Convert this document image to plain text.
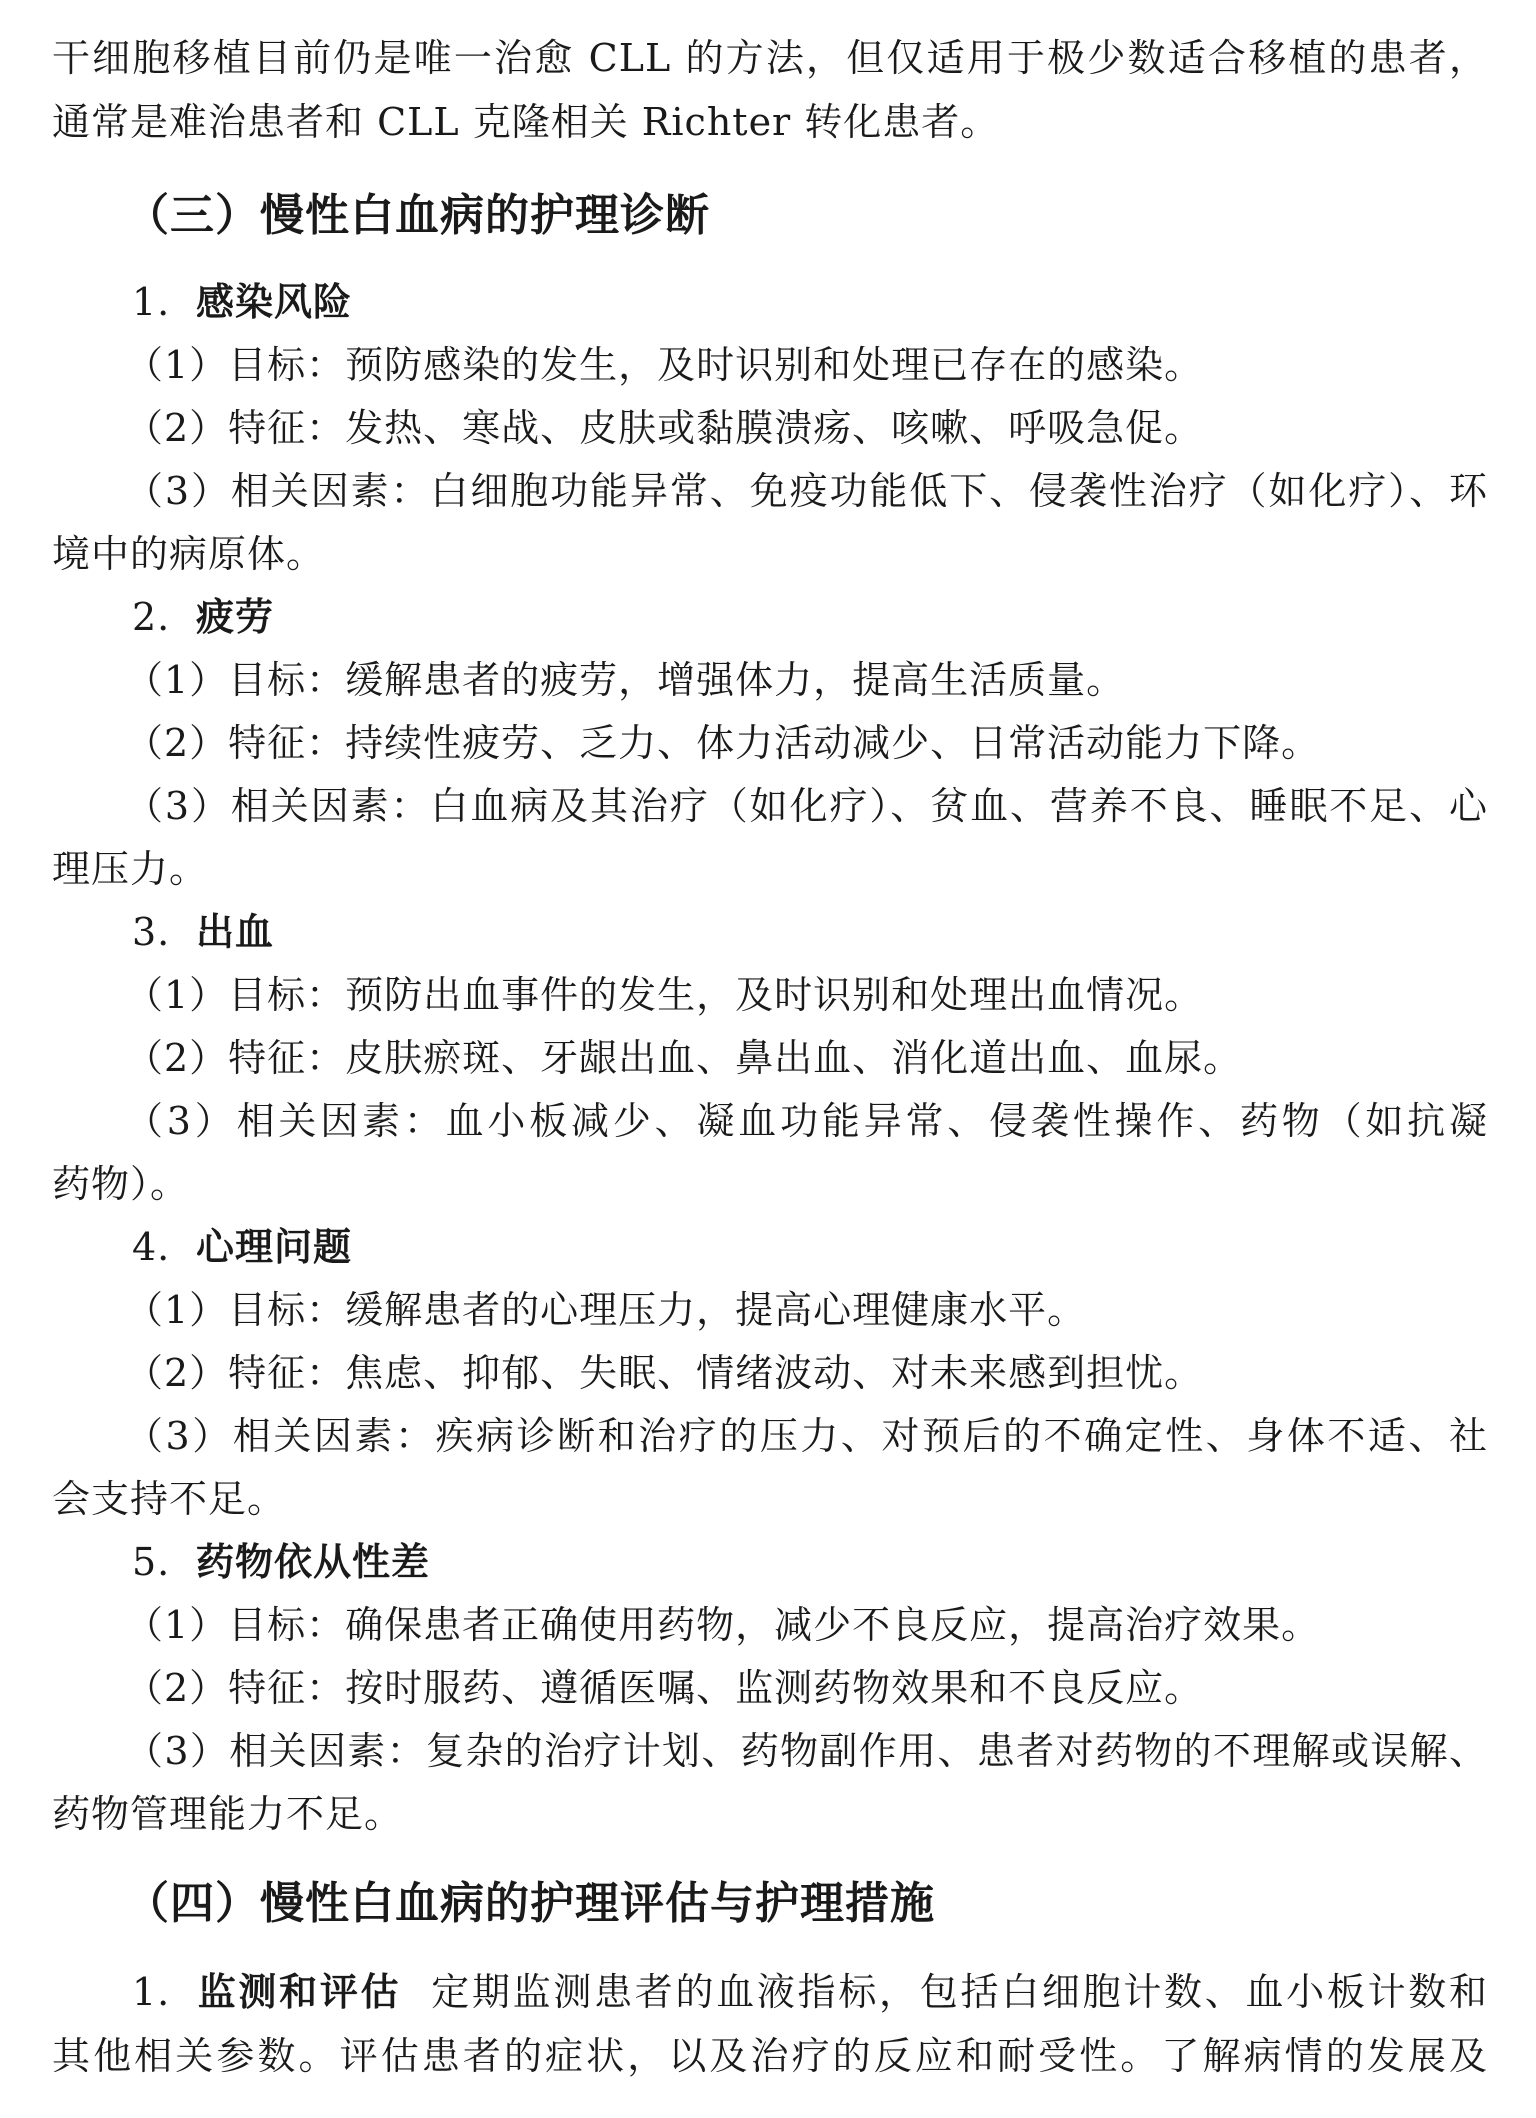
干细胞移植目前仍是唯一治愈 CLL 的方法，但仅适用于极少数适合移植的患者，

通常是难治患者和 CLL 克隆相关 Richter 转化患者。

（三）慢性白血病的护理诊断

1. 感染风险

（1）目标：预防感染的发生，及时识别和处理已存在的感染。

（2）特征：发热、寒战、皮肤或黏膜溃疡、咳嗽、呼吸急促。

（3）相关因素：白细胞功能异常、免疫功能低下、侵袭性治疗（如化疗）、环

境中的病原体。

2. 疲劳

（1）目标：缓解患者的疲劳，增强体力，提高生活质量。

（2）特征：持续性疲劳、乏力、体力活动减少、日常活动能力下降。

（3）相关因素：白血病及其治疗（如化疗）、贫血、营养不良、睡眠不足、心

理压力。

3. 出血

（1）目标：预防出血事件的发生，及时识别和处理出血情况。

（2）特征：皮肤瘀斑、牙龈出血、鼻出血、消化道出血、血尿。

（3）相关因素：血小板减少、凝血功能异常、侵袭性操作、药物（如抗凝

药物）。

4. 心理问题

（1）目标：缓解患者的心理压力，提高心理健康水平。

（2）特征：焦虑、抑郁、失眠、情绪波动、对未来感到担忧。

（3）相关因素：疾病诊断和治疗的压力、对预后的不确定性、身体不适、社

会支持不足。

5. 药物依从性差

（1）目标：确保患者正确使用药物，减少不良反应，提高治疗效果。

（2）特征：按时服药、遵循医嘱、监测药物效果和不良反应。

（3）相关因素：复杂的治疗计划、药物副作用、患者对药物的不理解或误解、

药物管理能力不足。

（四）慢性白血病的护理评估与护理措施

1. 监测和评估 定期监测患者的血液指标，包括白细胞计数、血小板计数和

其他相关参数。评估患者的症状，以及治疗的反应和耐受性。了解病情的发展及
